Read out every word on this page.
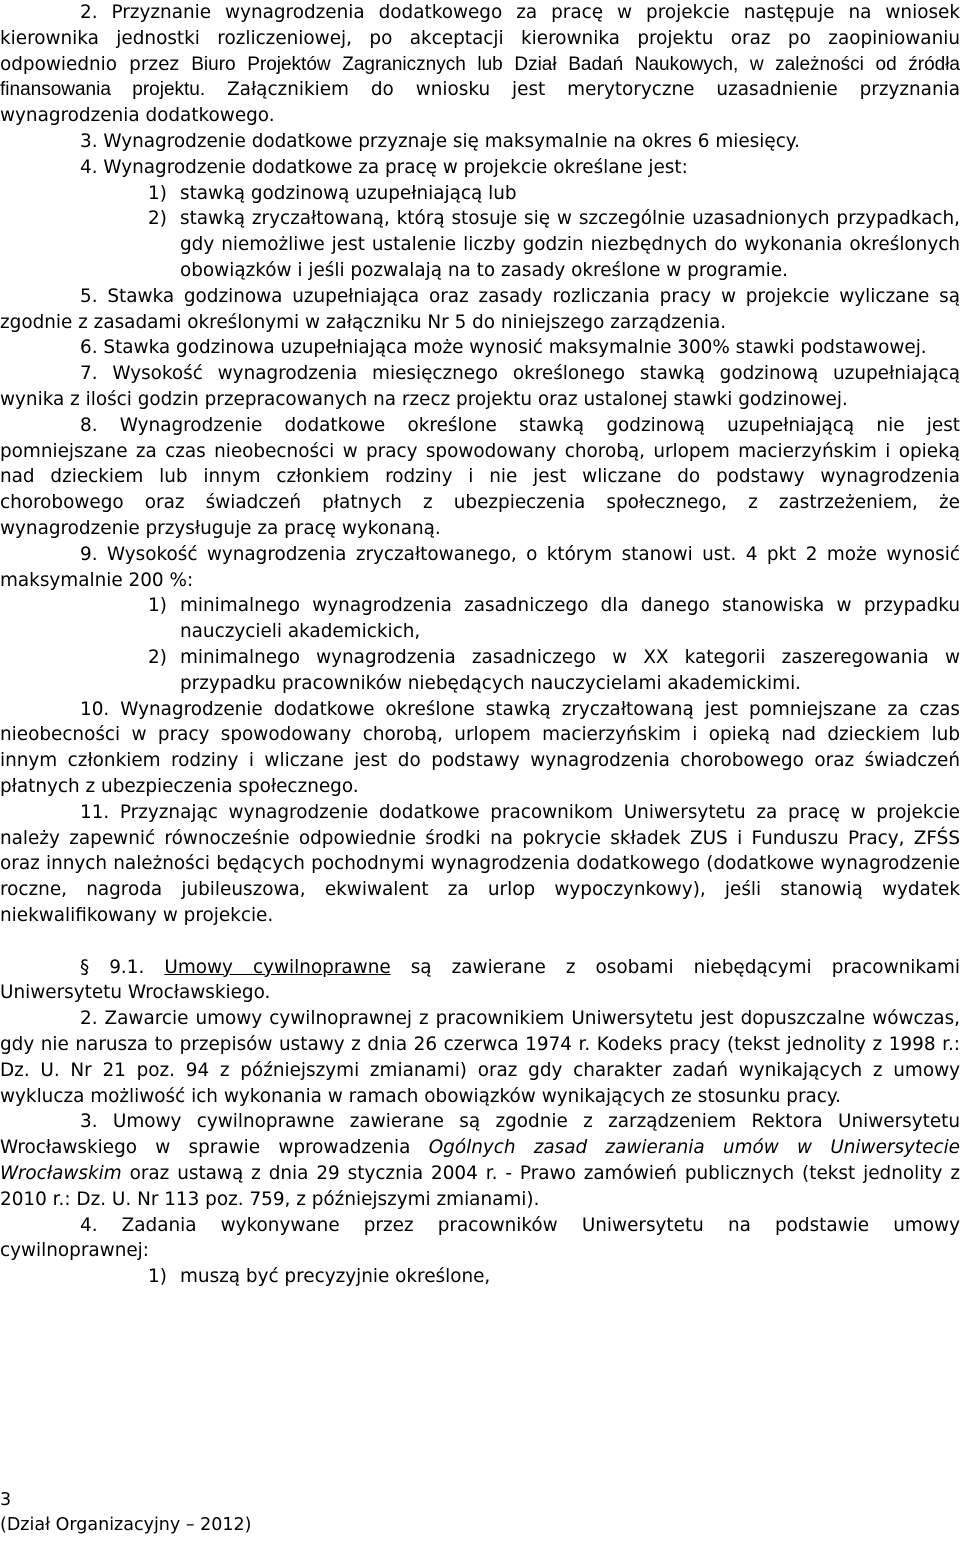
2. Przyznanie wynagrodzenia dodatkowego za pracę w projekcie następuje na wniosek kierownika jednostki rozliczeniowej, po akceptacji kierownika projektu oraz po zaopiniowaniu odpowiednio przez Biuro Projektów Zagranicznych lub Dział Badań Naukowych, w zależności od źródła finansowania projektu. Załącznikiem do wniosku jest merytoryczne uzasadnienie przyznania wynagrodzenia dodatkowego.

3. Wynagrodzenie dodatkowe przyznaje się maksymalnie na okres 6 miesięcy.

4. Wynagrodzenie dodatkowe za pracę w projekcie określane jest:

1) stawką godzinową uzupełniającą lub

2) stawką zryczałtowaną, którą stosuje się w szczególnie uzasadnionych przypadkach, gdy niemożliwe jest ustalenie liczby godzin niezbędnych do wykonania określonych obowiązków i jeśli pozwalają na to zasady określone w programie.

5. Stawka godzinowa uzupełniająca oraz zasady rozliczania pracy w projekcie wyliczane są zgodnie z zasadami określonymi w załączniku Nr 5 do niniejszego zarządzenia.

6. Stawka godzinowa uzupełniająca może wynosić maksymalnie 300% stawki podstawowej.

7. Wysokość wynagrodzenia miesięcznego określonego stawką godzinową uzupełniającą wynika z ilości godzin przepracowanych na rzecz projektu oraz ustalonej stawki godzinowej.

8. Wynagrodzenie dodatkowe określone stawką godzinową uzupełniającą nie jest pomniejszane za czas nieobecności w pracy spowodowany chorobą, urlopem macierzyńskim i opieką nad dzieckiem lub innym członkiem rodziny i nie jest wliczane do podstawy wynagrodzenia chorobowego oraz świadczeń płatnych z ubezpieczenia społecznego, z zastrzeżeniem, że wynagrodzenie przysługuje za pracę wykonaną.

9. Wysokość wynagrodzenia zryczałtowanego, o którym stanowi ust. 4 pkt 2 może wynosić maksymalnie 200 %:

1) minimalnego wynagrodzenia zasadniczego dla danego stanowiska w przypadku nauczycieli akademickich,

2) minimalnego wynagrodzenia zasadniczego w XX kategorii zaszeregowania w przypadku pracowników niebędących nauczycielami akademickimi.

10. Wynagrodzenie dodatkowe określone stawką zryczałtowaną jest pomniejszane za czas nieobecności w pracy spowodowany chorobą, urlopem macierzyńskim i opieką nad dzieckiem lub innym członkiem rodziny i wliczane jest do podstawy wynagrodzenia chorobowego oraz świadczeń płatnych z ubezpieczenia społecznego.

11. Przyznając wynagrodzenie dodatkowe pracownikom Uniwersytetu za pracę w projekcie należy zapewnić równocześnie odpowiednie środki na pokrycie składek ZUS i Funduszu Pracy, ZFŚS oraz innych należności będących pochodnymi wynagrodzenia dodatkowego (dodatkowe wynagrodzenie roczne, nagroda jubileuszowa, ekwiwalent za urlop wypoczynkowy), jeśli stanowią wydatek niekwalifikowany w projekcie.

§ 9.1. Umowy cywilnoprawne są zawierane z osobami niebędącymi pracownikami Uniwersytetu Wrocławskiego.

2. Zawarcie umowy cywilnoprawnej z pracownikiem Uniwersytetu jest dopuszczalne wówczas, gdy nie narusza to przepisów ustawy z dnia 26 czerwca 1974 r. Kodeks pracy (tekst jednolity z 1998 r.: Dz. U. Nr 21 poz. 94 z późniejszymi zmianami) oraz gdy charakter zadań wynikających z umowy wyklucza możliwość ich wykonania w ramach obowiązków wynikających ze stosunku pracy.

3. Umowy cywilnoprawne zawierane są zgodnie z zarządzeniem Rektora Uniwersytetu Wrocławskiego w sprawie wprowadzenia Ogólnych zasad zawierania umów w Uniwersytecie Wrocławskim oraz ustawą z dnia 29 stycznia 2004 r. - Prawo zamówień publicznych (tekst jednolity z 2010 r.: Dz. U. Nr 113 poz. 759, z późniejszymi zmianami).

4. Zadania wykonywane przez pracowników Uniwersytetu na podstawie umowy cywilnoprawnej:

1) muszą być precyzyjnie określone,

3
(Dział Organizacyjny – 2012)
